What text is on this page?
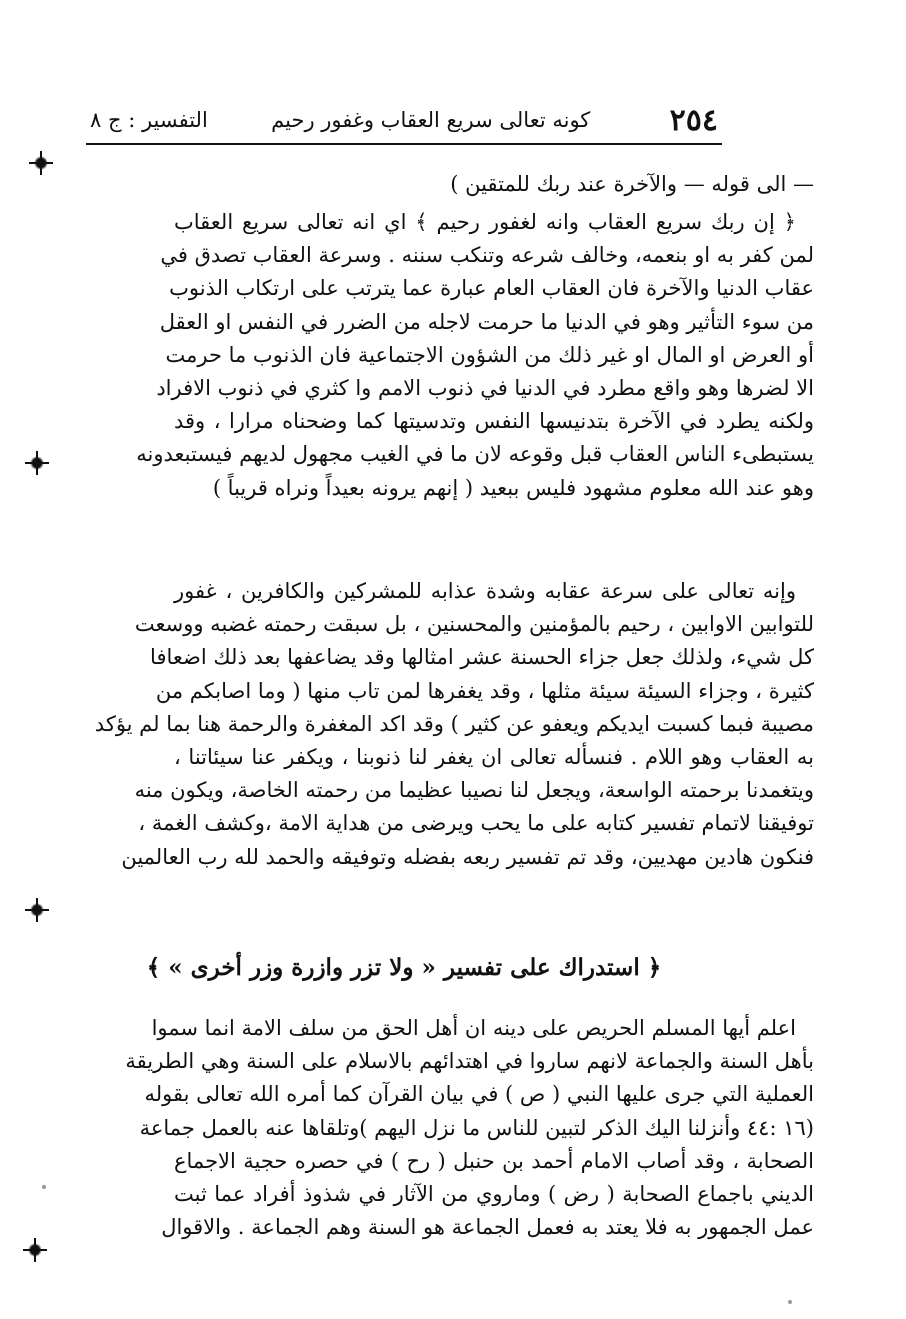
٢٥٤
كونه تعالى سريع العقاب وغفور رحيم
التفسير : ج ٨
— الى قوله — والآخرة عند ربك للمتقين )
﴿ إن ربك سريع العقاب وانه لغفور رحيم ﴾ اي انه تعالى سريع العقاب
لمن كفر به او بنعمه، وخالف شرعه وتنكب سننه . وسرعة العقاب تصدق في
عقاب الدنيا والآخرة فان العقاب العام عبارة عما يترتب على ارتكاب الذنوب
من سوء التأثير وهو في الدنيا ما حرمت لاجله من الضرر في النفس او العقل
أو العرض او المال او غير ذلك من الشؤون الاجتماعية فان الذنوب ما حرمت
الا لضرها وهو واقع مطرد في الدنيا في ذنوب الامم وا كثري في ذنوب الافراد
ولكنه يطرد في الآخرة بتدنيسها النفس وتدسيتها كما وضحناه مرارا ، وقد
يستبطىء الناس العقاب قبل وقوعه لان ما في الغيب مجهول لديهم فيستبعدونه
وهو عند الله معلوم مشهود فليس ببعيد ( إنهم يرونه بعيداً ونراه قريباً )
وإنه تعالى على سرعة عقابه وشدة عذابه للمشركين والكافرين ، غفور
للتوابين الاوابين ، رحيم بالمؤمنين والمحسنين ، بل سبقت رحمته غضبه ووسعت
كل شيء، ولذلك جعل جزاء الحسنة عشر امثالها وقد يضاعفها بعد ذلك اضعافا
كثيرة ، وجزاء السيئة سيئة مثلها ، وقد يغفرها لمن تاب منها ( وما اصابكم من
مصيبة فبما كسبت ايديكم ويعفو عن كثير ) وقد اكد المغفرة والرحمة هنا بما لم يؤكد
به العقاب وهو اللام . فنسأله تعالى ان يغفر لنا ذنوبنا ، ويكفر عنا سيئاتنا ،
ويتغمدنا برحمته الواسعة، ويجعل لنا نصيبا عظيما من رحمته الخاصة، ويكون منه
توفيقنا لاتمام تفسير كتابه على ما يحب ويرضى من هداية الامة ،وكشف الغمة ،
فنكون هادين مهديين، وقد تم تفسير ربعه بفضله وتوفيقه والحمد لله رب العالمين
﴿ استدراك على تفسير « ولا تزر وازرة وزر أخرى » ﴾
اعلم أيها المسلم الحريص على دينه ان أهل الحق من سلف الامة انما سموا
بأهل السنة والجماعة لانهم ساروا في اهتدائهم بالاسلام على السنة وهي الطريقة
العملية التي جرى عليها النبي ( ص ) في بيان القرآن كما أمره الله تعالى بقوله
(١٦ :٤٤ وأنزلنا اليك الذكر لتبين للناس ما نزل اليهم )وتلقاها عنه بالعمل جماعة
الصحابة ، وقد أصاب الامام أحمد بن حنبل ( رح ) في حصره حجية الاجماع
الديني باجماع الصحابة ( رض ) وماروي من الآثار في شذوذ أفراد عما ثبت
عمل الجمهور به فلا يعتد به فعمل الجماعة هو السنة وهم الجماعة . والاقوال
